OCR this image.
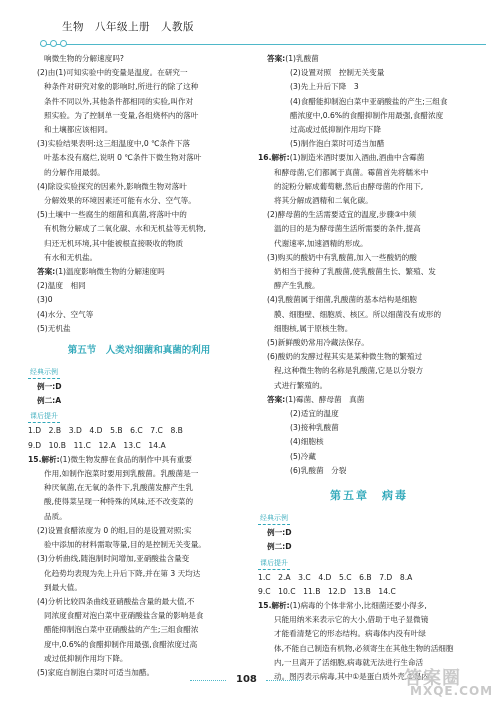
生物　八年级上册　人教版
响微生物的分解速度吗?
(2)由(1)可知实验中的变量是温度。在研究一
种条件对研究对象的影响时,所进行的除了这种
条件不同以外,其他条件都相同的实验,叫作对
照实验。为了控制单一变量,各组烧杯内的落叶
和土壤都应该相同。
(3)实验结果表明:这三组温度中,0 ℃条件下落
叶基本没有腐烂,说明 0 ℃条件下微生物对落叶
的分解作用最弱。
(4)除设实验探究的因素外,影响微生物对落叶
分解效果的环境因素还可能有水分、空气等。
(5)土壤中一些腐生的细菌和真菌,将落叶中的
有机物分解成了二氧化碳、水和无机盐等无机物,
归还无机环境,其中能被根直接吸收的物质
有水和无机盐。
答案:(1)温度影响微生物的分解速度吗
(2)温度　相同
(3)0
(4)水分、空气等
(5)无机盐
第五节　人类对细菌和真菌的利用
经典示例
例一:D
例二:A
课后提升
1.D　2.B　3.D　4.D　5.B　6.C　7.C　8.B
9.D　10.B　11.C　12.A　13.C　14.A
15.解析:(1)微生物发酵在食品的制作中具有重要
作用,如制作泡菜时要用到乳酸菌。乳酸菌是一
种厌氧菌,在无氧的条件下,乳酸菌发酵产生乳
酸,使得菜呈现一种特殊的风味,还不改变菜的
品质。
(2)设置食醋浓度为 0 的组,目的是设置对照;实
验中添加的材料需取等量,目的是控制无关变量。
(3)分析曲线,随泡制时间增加,亚硝酸盐含量变
化趋势均表现为先上升后下降,并在第 3 天均达
到最大值。
(4)分析比较四条曲线亚硝酸盐含量的最大值,不
同浓度食醋对泡白菜中亚硝酸盐含量的影响是食
醋能抑制泡白菜中亚硝酸盐的产生;三组食醋浓
度中,0.6%的食醋抑制作用最强,食醋浓度过高
或过低抑制作用均下降。
(5)家庭自制泡白菜时可适当加醋。
答案:(1)乳酸菌
(2)设置对照　控制无关变量
(3)先上升后下降　3
(4)食醋能抑制泡白菜中亚硝酸盐的产生;三组食
醋浓度中,0.6%的食醋抑制作用最强,食醋浓度
过高或过低抑制作用均下降
(5)制作泡白菜时可适当加醋
16.解析:(1)制造米酒时要加入酒曲,酒曲中含霉菌
和酵母菌,它们都属于真菌。霉菌首先将糯米中
的淀粉分解成葡萄糖,然后由酵母菌的作用下,
将其分解成酒精和二氧化碳。
(2)酵母菌的生活需要适宜的温度,步骤③中须
温的目的是为酵母菌生活所需要的条件,提高
代谢速率,加速酒精的形成。
(3)购买的酸奶中有乳酸菌,加入一些酸奶的酸
奶相当于接种了乳酸菌,使乳酸菌生长、繁殖、发
酵产生乳酸。
(4)乳酸菌属于细菌,乳酸菌的基本结构是细胞
膜、细胞壁、细胞质、核区。所以细菌没有成形的
细胞核,属于原核生物。
(5)新鲜酸奶常用冷藏法保存。
(6)酸奶的发酵过程其实是某种微生物的繁殖过
程,这种微生物的名称是乳酸菌,它是以分裂方
式进行繁殖的。
答案:(1)霉菌、酵母菌　真菌
(2)适宜的温度
(3)接种乳酸菌
(4)细胞核
(5)冷藏
(6)乳酸菌　分裂
第五章　病毒
经典示例
例一:D
例二:D
课后提升
1.C　2.A　3.C　4.D　5.C　6.B　7.D　8.A
9.C　10.C　11.B　12.D　13.B　14.C
15.解析:(1)病毒的个体非常小,比细菌还要小得多,
只能用纳米来表示它的大小,借助于电子显微镜
才能看清楚它的形态结构。病毒体内没有叶绿
体,不能自己制造有机物,必须寄生在其他生物的活细胞
内,一旦离开了活细胞,病毒就无法进行生命活
动。图丙表示病毒,其中①是蛋白质外壳,②是内
108	答案圈
MXQE.COM
